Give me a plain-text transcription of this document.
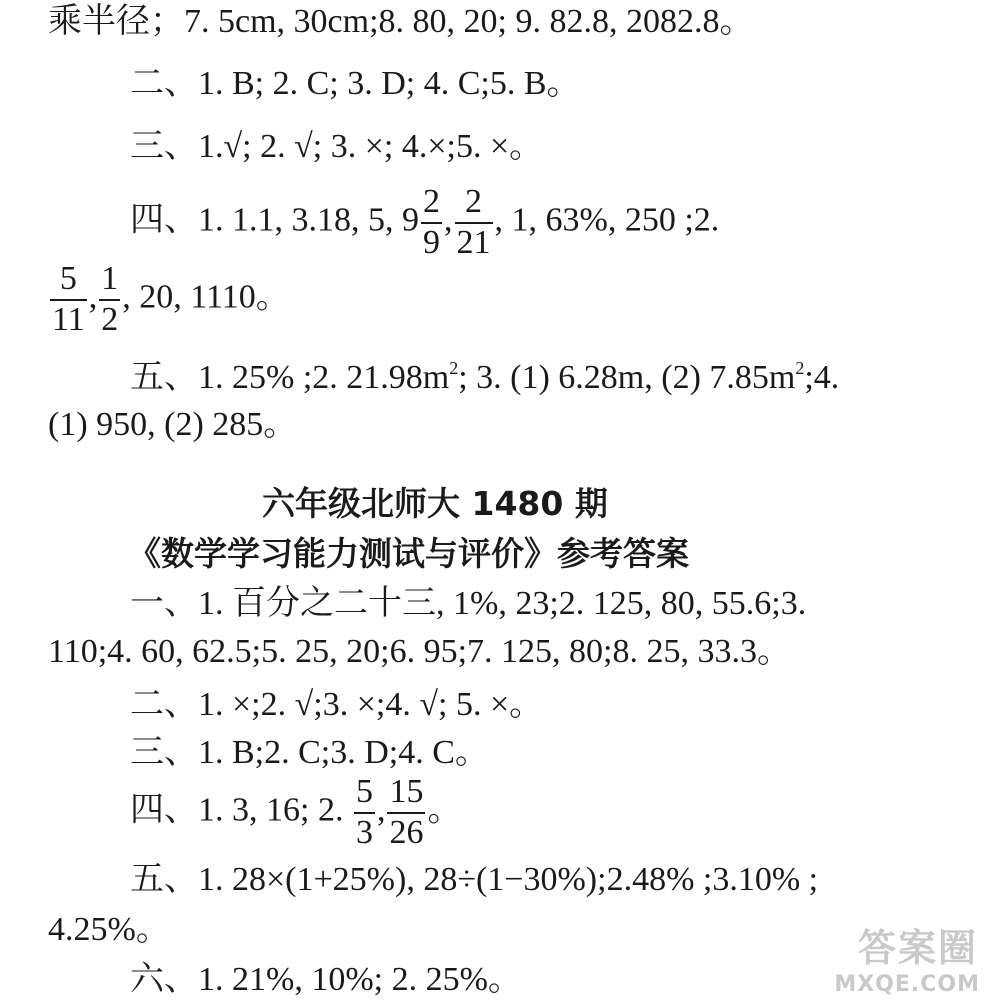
乘半径；7. 5cm, 30cm;8. 80, 20; 9. 82.8, 2082.8。
二、1. B; 2. C; 3. D; 4. C;5. B。
三、1.√; 2. √; 3. ×; 4.×;5. ×。
四、1. 1.1, 3.18, 5, $9 \frac{2}{9}$ , $\frac{2}{21}$ , 1, 63%, 250 ;2.
$\frac{5}{11}$ , $\frac{1}{2}$ , 20, 1110。
五、1. 25% ;2. $21.98m^2$; 3. (1) 6.28m, (2) $7.85m^2;4$.
(1) 950, (2) 285。
六年级北师大 1480 期
《数学学习能力测试与评价》参考答案
一、1. 百分之二十三, 1%, 23;2. 125, 80, 55.6;3.
110;4. 60, 62.5;5. 25, 20;6. 95;7. 125, 80;8. 25, 33.3。
二、1. ×;2. √;3. ×;4. √; 5. ×。
三、1. B;2. C;3. D;4. C。
四、1. 3, 16; 2. $\frac{5}{3}$ , $\frac{15}{26}$ 。
五、1. 28×(1+25%), 28÷(1−30%);2.48% ;3.10% ;
4.25%。
六、1. 21%, 10%; 2. 25%。
答案圈
MXQE.COM
